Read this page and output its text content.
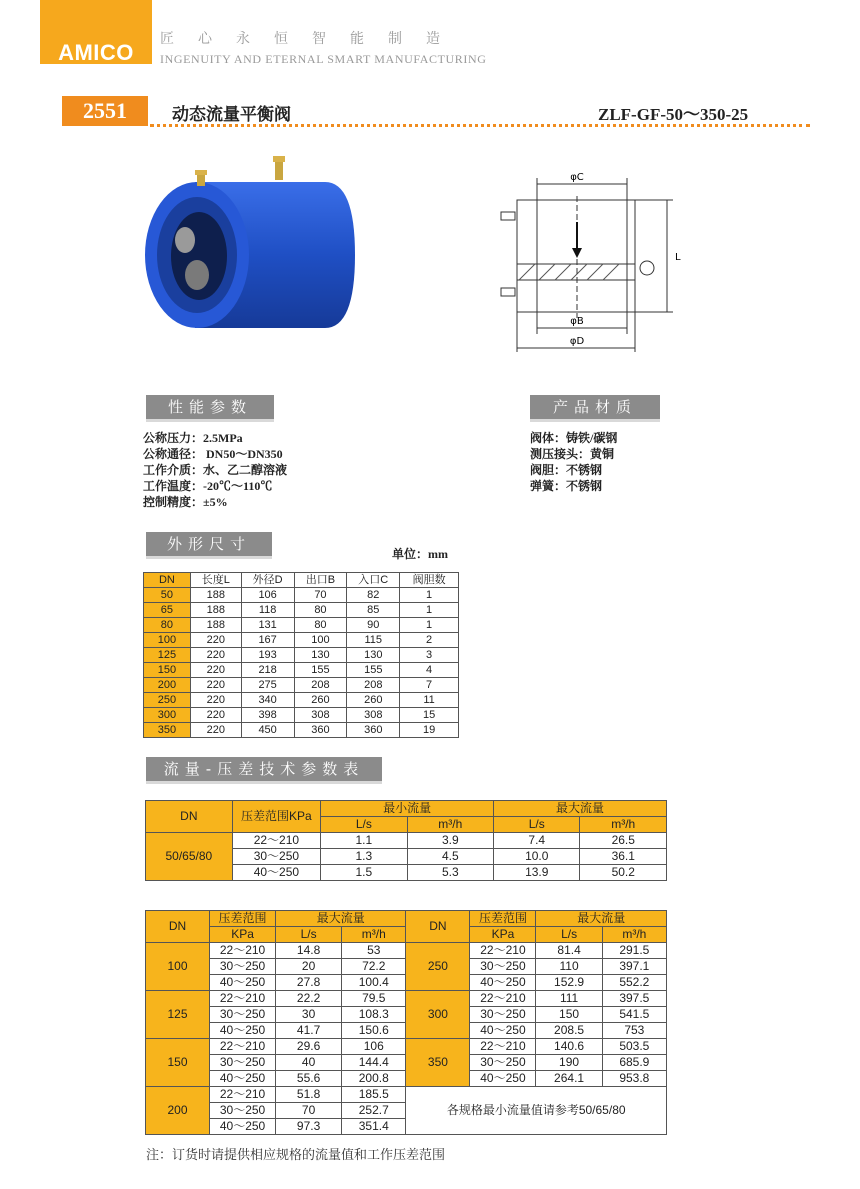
AMICO
匠心永恒智能制造
INGENUITY AND ETERNAL SMART MANUFACTURING
2551	动态流量平衡阀	ZLF-GF-50～350-25
φC
φB
φD
L
性能参数
公称压力：2.5MPa
公称通径： DN50～DN350
工作介质：水、乙二醇溶液
工作温度：-20℃～110℃
控制精度：±5%
产品材质
阀体：铸铁/碳钢
测压接头：黄铜
阀胆：不锈钢
弹簧：不锈钢
外形尺寸
单位：mm
DN	长度L	外径D	出口B	入口C	阀胆数
50	188	106	70	82	1
65	188	118	80	85	1
80	188	131	80	90	1
100	220	167	100	115	2
125	220	193	130	130	3
150	220	218	155	155	4
200	220	275	208	208	7
250	220	340	260	260	11
300	220	398	308	308	15
350	220	450	360	360	19
流量-压差技术参数表
DN	压差范围KPa	最小流量		最大流量	
		L/s	m³/h	L/s	m³/h
50/65/80	22～210	1.1	3.9	7.4	26.5
	30～250	1.3	4.5	10.0	36.1
	40～250	1.5	5.3	13.9	50.2
DN	压差范围	最大流量		DN	压差范围	最大流量	
	KPa	L/s	m³/h		KPa	L/s	m³/h
100	22～210	14.8	53	250	22～210	81.4	291.5
	30～250	20	72.2		30～250	110	397.1
	40～250	27.8	100.4		40～250	152.9	552.2
125	22～210	22.2	79.5	300	22～210	111	397.5
	30～250	30	108.3		30～250	150	541.5
	40～250	41.7	150.6		40～250	208.5	753
150	22～210	29.6	106	350	22～210	140.6	503.5
	30～250	40	144.4		30～250	190	685.9
	40～250	55.6	200.8		40～250	264.1	953.8
200	22～210	51.8	185.5	各规格最小流量值请参考50/65/80			
	30～250	70	252.7				
	40～250	97.3	351.4				
注：订货时请提供相应规格的流量值和工作压差范围
